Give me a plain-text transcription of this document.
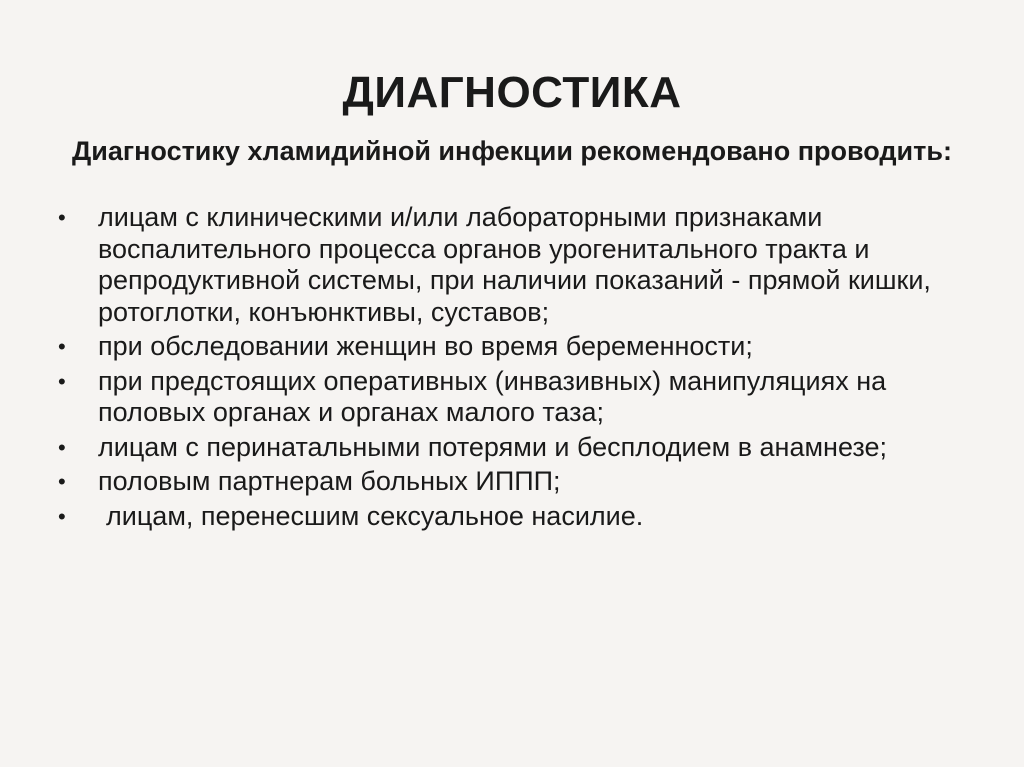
ДИАГНОСТИКА
Диагностику хламидийной инфекции рекомендовано проводить:
•	лицам с клиническими и/или лабораторными признаками воспалительного процесса органов урогенитального тракта и репродуктивной системы, при наличии показаний - прямой кишки, ротоглотки, конъюнктивы, суставов;
•	при обследовании женщин во время беременности;
•	при предстоящих оперативных (инвазивных) манипуляциях на половых органах и органах малого таза;
•	лицам с перинатальными потерями и бесплодием в анамнезе;
•	половым партнерам больных ИППП;
•	лицам, перенесшим сексуальное насилие.
